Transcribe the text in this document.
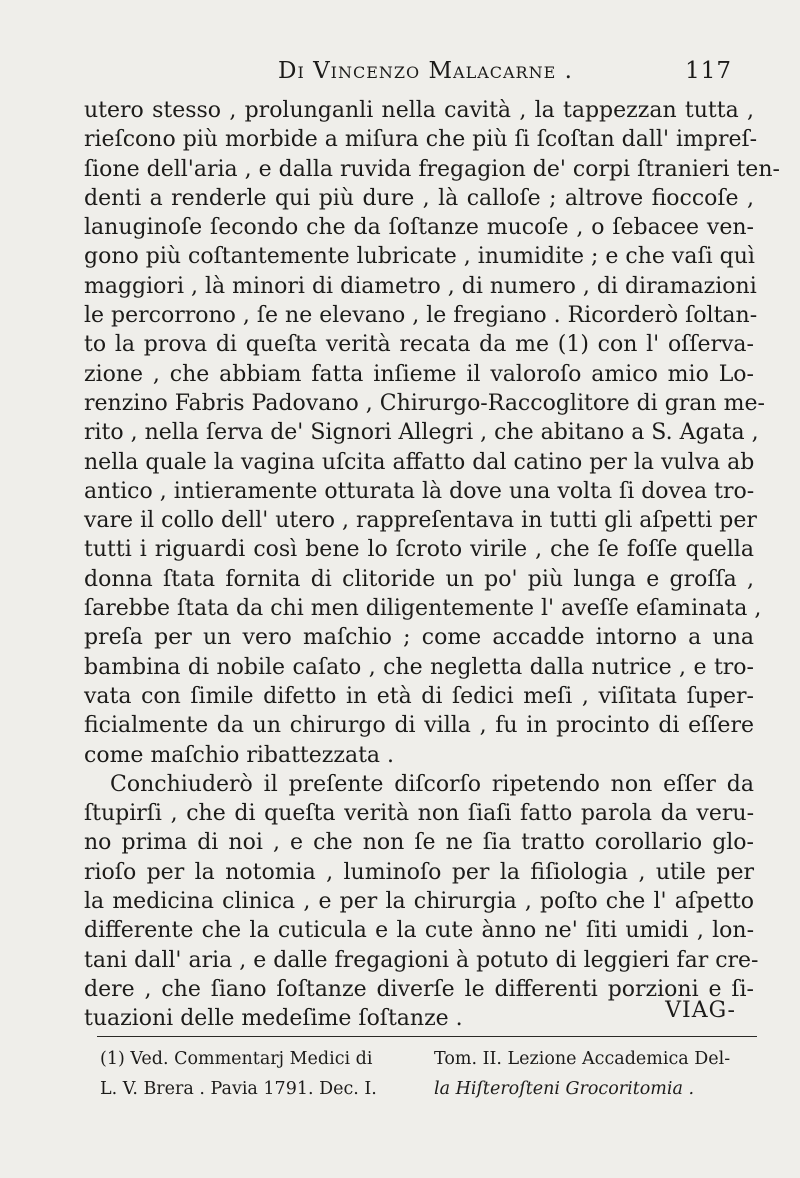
Di Vincenzo Malacarne .	117
utero stesso , prolunganli nella cavità , la tappezzan tutta ,
rieſcono più morbide a miſura che più ſi ſcoſtan dall' impreſ-
ſione dell'aria , e dalla ruvida fregagion de' corpi ſtranieri ten-
denti a renderle qui più dure , là calloſe ; altrove fioccoſe ,
lanuginoſe ſecondo che da ſoſtanze mucoſe , o ſebacee ven-
gono più coſtantemente lubricate , inumidite ; e che vaſi quì
maggiori , là minori di diametro , di numero , di diramazioni
le percorrono , ſe ne elevano , le fregiano . Ricorderò ſoltan-
to la prova di queſta verità recata da me (1) con l' oſſerva-
zione , che abbiam fatta inſieme il valoroſo amico mio Lo-
renzino Fabris Padovano , Chirurgo-Raccoglitore di gran me-
rito , nella ſerva de' Signori Allegri , che abitano a S. Agata ,
nella quale la vagina uſcita affatto dal catino per la vulva ab
antico , intieramente otturata là dove una volta ſi dovea tro-
vare il collo dell' utero , rappreſentava in tutti gli aſpetti per
tutti i riguardi così bene lo ſcroto virile , che ſe foſſe quella
donna ſtata fornita di clitoride un po' più lunga e groſſa ,
ſarebbe ſtata da chi men diligentemente l' aveſſe eſaminata ,
preſa per un vero maſchio ; come accadde intorno a una
bambina di nobile caſato , che negletta dalla nutrice , e tro-
vata con ſimile difetto in età di ſedici meſi , viſitata ſuper-
ficialmente da un chirurgo di villa , fu in procinto di eſſere
come maſchio ribattezzata .
Conchiuderò il preſente diſcorſo ripetendo non eſſer da
ſtupirſi , che di queſta verità non ſiaſi fatto parola da veru-
no prima di noi , e che non ſe ne ſia tratto corollario glo-
rioſo per la notomia , luminoſo per la fiſiologia , utile per
la medicina clinica , e per la chirurgia , poſto che l' aſpetto
differente che la cuticula e la cute ànno ne' ſiti umidi , lon-
tani dall' aria , e dalle fregagioni à potuto di leggieri far cre-
dere , che ſiano ſoſtanze diverſe le differenti porzioni e ſi-
tuazioni delle medeſime ſoſtanze .	VIAG-
(1) Ved. Commentarj Medici di	Tom. II. Lezione Accademica Del-
L. V. Brera . Pavia 1791. Dec. I.	la Hiſteroſteni Grocoritomia .
